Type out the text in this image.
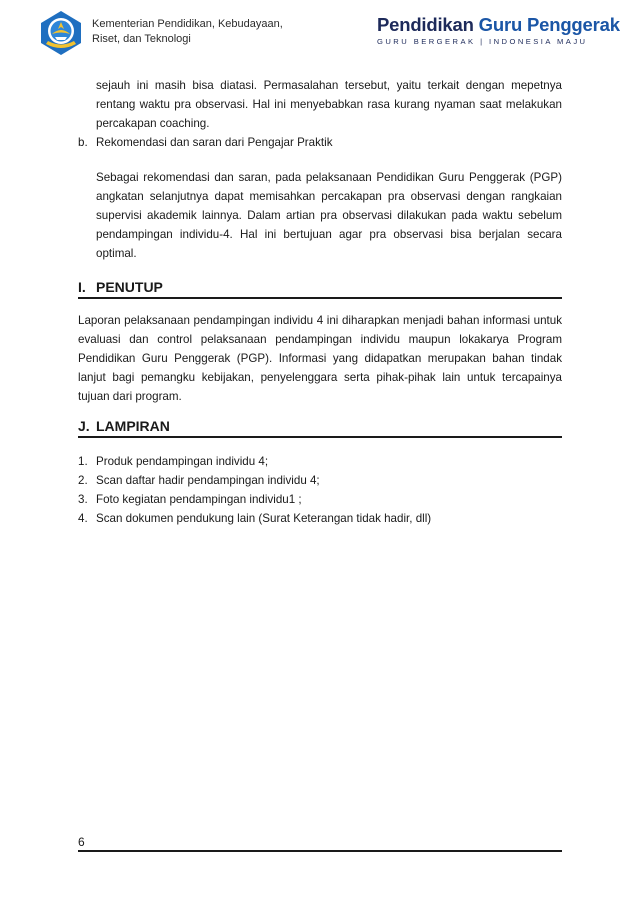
Kementerian Pendidikan, Kebudayaan,
Riset, dan Teknologi
Pendidikan Guru Penggerak
GURU BERGERAK | INDONESIA MAJU

sejauh ini masih bisa diatasi. Permasalahan tersebut, yaitu terkait dengan mepetnya rentang waktu pra observasi. Hal ini menyebabkan rasa kurang nyaman saat melakukan percakapan coaching.

b. Rekomendasi dan saran dari Pengajar Praktik

Sebagai rekomendasi dan saran, pada pelaksanaan Pendidikan Guru Penggerak (PGP) angkatan selanjutnya dapat memisahkan percakapan pra observasi dengan rangkaian supervisi akademik lainnya. Dalam artian pra observasi dilakukan pada waktu sebelum pendampingan individu-4. Hal ini bertujuan agar pra observasi bisa berjalan secara optimal.

I. PENUTUP

Laporan pelaksanaan pendampingan individu 4 ini diharapkan menjadi bahan informasi untuk evaluasi dan control pelaksanaan pendampingan individu maupun lokakarya Program Pendidikan Guru Penggerak (PGP). Informasi yang didapatkan merupakan bahan tindak lanjut bagi pemangku kebijakan, penyelenggara serta pihak-pihak lain untuk tercapainya tujuan dari program.

J. LAMPIRAN
1. Produk pendampingan individu 4;
2. Scan daftar hadir pendampingan individu 4;
3. Foto kegiatan pendampingan individu1 ;
4. Scan dokumen pendukung lain (Surat Keterangan tidak hadir, dll)
6
